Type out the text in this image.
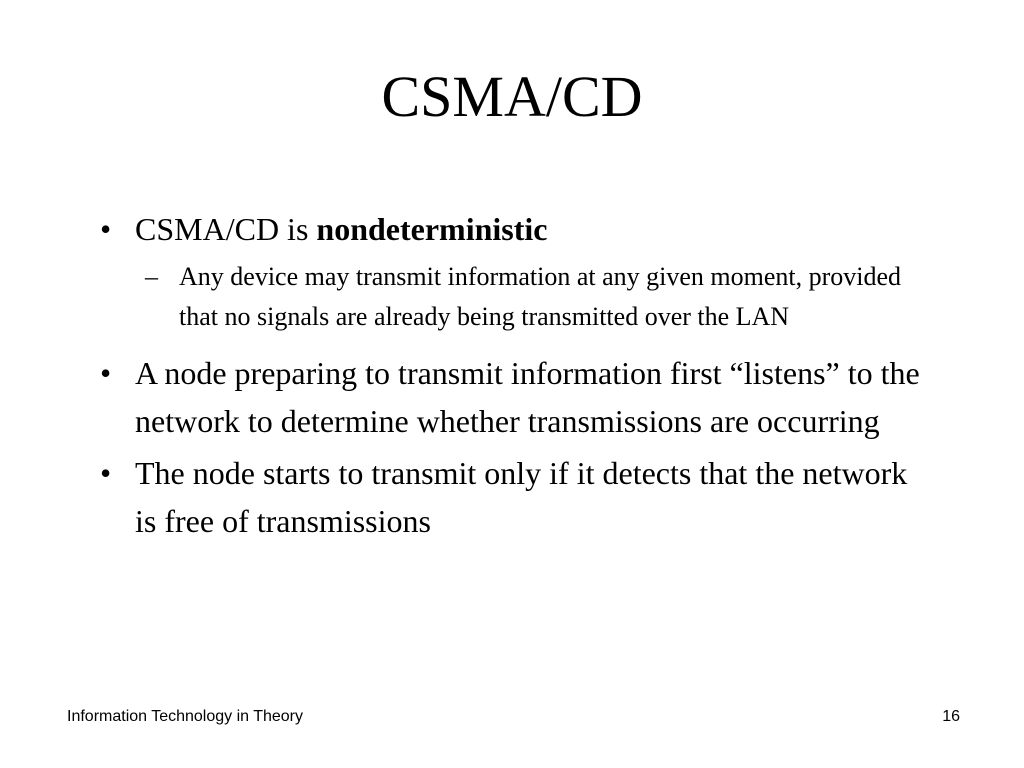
CSMA/CD
• CSMA/CD is nondeterministic
– Any device may transmit information at any given moment, provided that no signals are already being transmitted over the LAN
• A node preparing to transmit information first “listens” to the network to determine whether transmissions are occurring
• The node starts to transmit only if it detects that the network is free of transmissions
Information Technology in Theory	16
